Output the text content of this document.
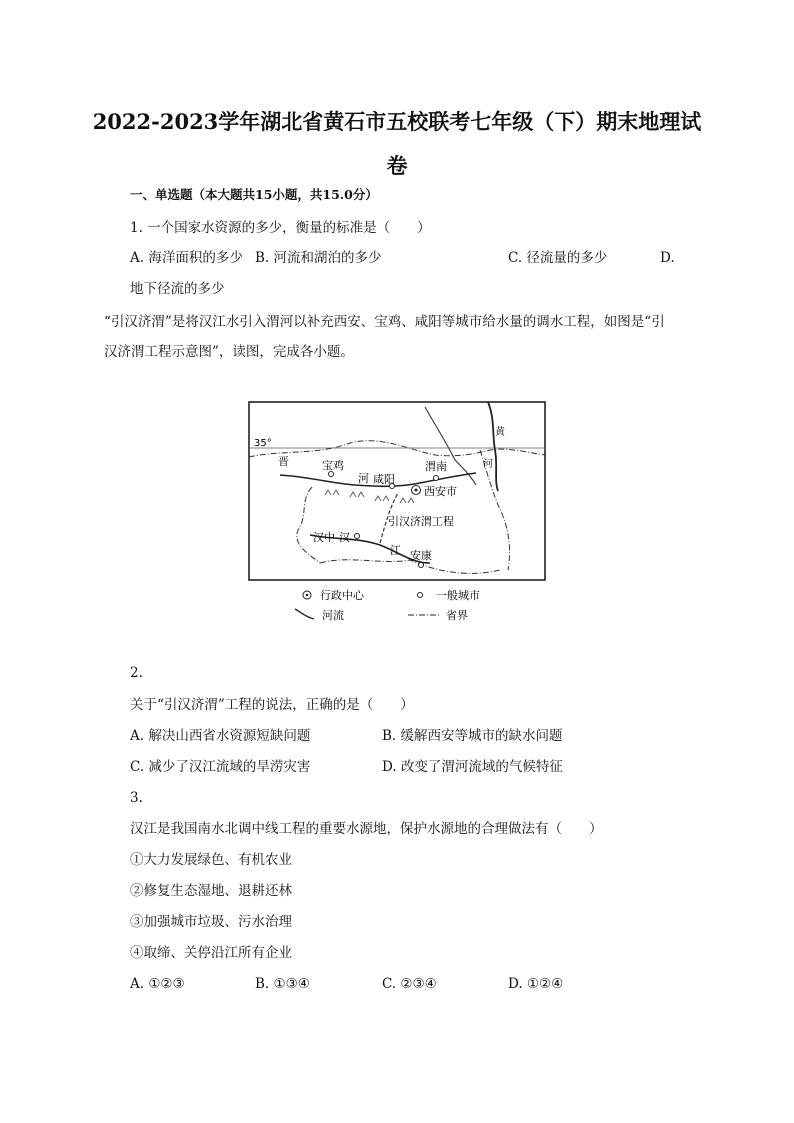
2022-2023学年湖北省黄石市五校联考七年级（下）期末地理试
卷
一、单选题（本大题共15小题，共15.0分）
1. 一个国家水资源的多少，衡量的标准是（　　）
A. 海洋面积的多少 B. 河流和湖泊的多少	C. 径流量的多少	D.
地下径流的多少
“引汉济渭”是将汉江水引入渭河以补充西安、宝鸡、咸阳等城市给水量的调水工程，如图是“引
汉济渭工程示意图”，读图，完成各小题。
35°
黄
河
晋	宝鸡
河 咸阳
渭南
西安市
引汉济渭工程
汉中 汉
江 安康
行政中心	一般城市
河流	省界
2.
关于“引汉济渭”工程的说法，正确的是（　　）
A. 解决山西省水资源短缺问题	B. 缓解西安等城市的缺水问题
C. 减少了汉江流域的旱涝灾害	D. 改变了渭河流域的气候特征
3.
汉江是我国南水北调中线工程的重要水源地，保护水源地的合理做法有（　　）
①大力发展绿色、有机农业
②修复生态湿地、退耕还林
③加强城市垃圾、污水治理
④取缔、关停沿江所有企业
A. ①②③	B. ①③④	C. ②③④	D. ①②④
